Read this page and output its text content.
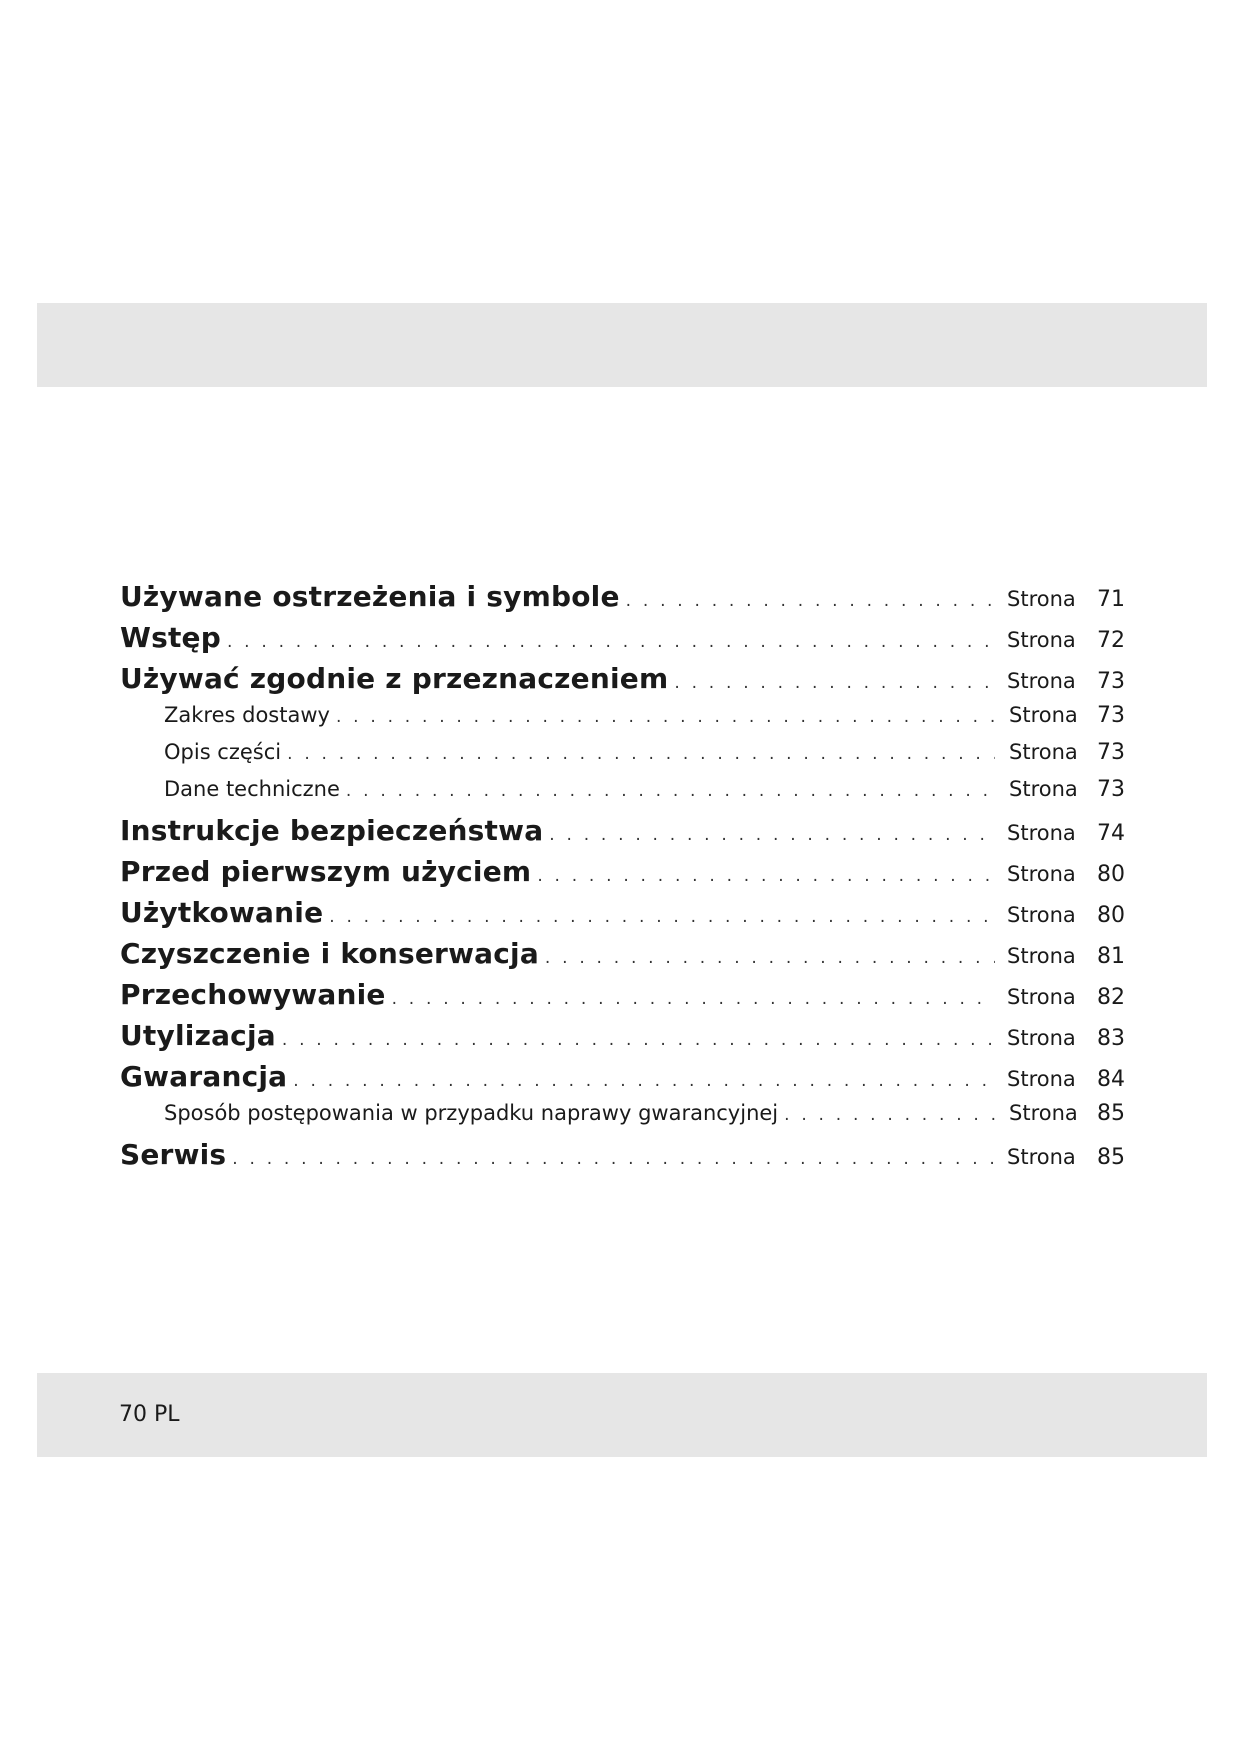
Używane ostrzeżenia i symbole . . .	Strona 71
Wstęp . . .	Strona 72
Używać zgodnie z przeznaczeniem . . .	Strona 73
Zakres dostawy . . .	Strona 73
Opis części . . .	Strona 73
Dane techniczne . . .	Strona 73
Instrukcje bezpieczeństwa . . .	Strona 74
Przed pierwszym użyciem . . .	Strona 80
Użytkowanie . . .	Strona 80
Czyszczenie i konserwacja . . .	Strona 81
Przechowywanie . . .	Strona 82
Utylizacja . . .	Strona 83
Gwarancja . . .	Strona 84
Sposób postępowania w przypadku naprawy gwarancyjnej . . .	Strona 85
Serwis . . .	Strona 85
70 PL
